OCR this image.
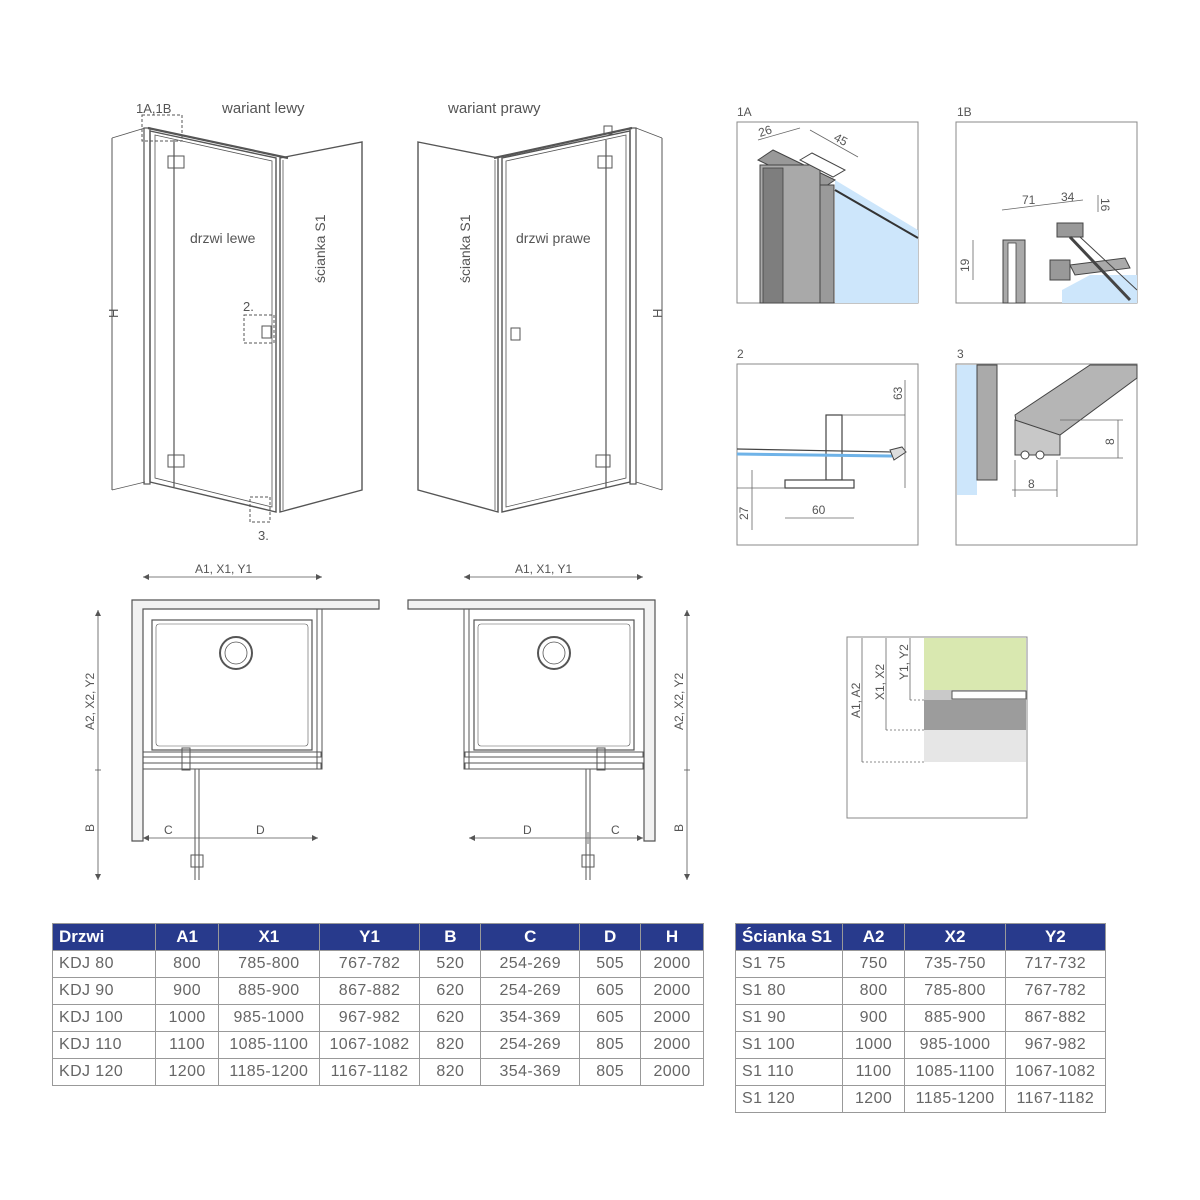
wariant lewy
1A,1B
H	2.
3.
drzwi lewe	ścianka S1
wariant prawy
ścianka S1
H
drzwi prawe
A1, X1, Y1
A2, X2, Y2
B	C	D
A1, X1, Y1
A2, X2, Y2
B
D	C
1A
26	45
1B
71 34
16
19
2
63
27	60
3
8
8
A1, A2
X1, X2
Y1, Y2
Drzwi	A1	X1	Y1	B	C	D	H
KDJ 80	800	785-800	767-782	520	254-269	505	2000
KDJ 90	900	885-900	867-882	620	254-269	605	2000
KDJ 100	1000	985-1000	967-982	620	354-369	605	2000
KDJ 110	1100	1085-1100	1067-1082	820	254-269	805	2000
KDJ 120	1200	1185-1200	1167-1182	820	354-369	805	2000
Ścianka S1	A2	X2	Y2
S1 75	750	735-750	717-732
S1 80	800	785-800	767-782
S1 90	900	885-900	867-882
S1 100	1000	985-1000	967-982
S1 110	1100	1085-1100	1067-1082
S1 120	1200	1185-1200	1167-1182
